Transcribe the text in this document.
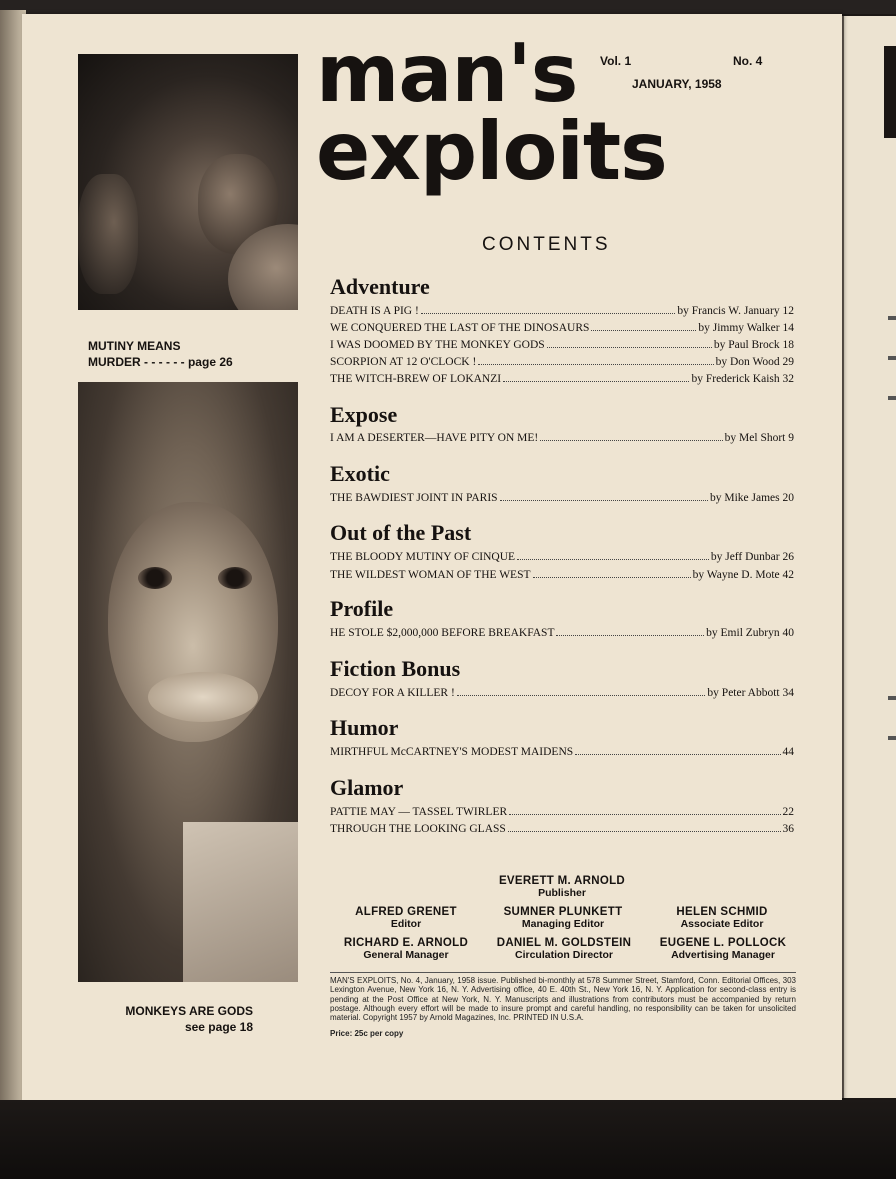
MUTINY MEANS
MURDER - - - - - - page 26
MONKEYS ARE GODS
see page 18
man's
exploits
Vol. 1	No. 4
JANUARY, 1958
CONTENTS
Adventure
DEATH IS A PIG !	by Francis W. January 12
WE CONQUERED THE LAST OF THE DINOSAURS	by Jimmy Walker 14
I WAS DOOMED BY THE MONKEY GODS	by Paul Brock 18
SCORPION AT 12 O'CLOCK !	by Don Wood 29
THE WITCH-BREW OF LOKANZI	by Frederick Kaish 32
Expose
I AM A DESERTER—HAVE PITY ON ME!	by Mel Short 9
Exotic
THE BAWDIEST JOINT IN PARIS	by Mike James 20
Out of the Past
THE BLOODY MUTINY OF CINQUE	by Jeff Dunbar 26
THE WILDEST WOMAN OF THE WEST	by Wayne D. Mote 42
Profile
HE STOLE $2,000,000 BEFORE BREAKFAST	by Emil Zubryn 40
Fiction Bonus
DECOY FOR A KILLER !	by Peter Abbott 34
Humor
MIRTHFUL McCARTNEY'S MODEST MAIDENS	44
Glamor
PATTIE MAY — TASSEL TWIRLER	22
THROUGH THE LOOKING GLASS	36
EVERETT M. ARNOLD
Publisher
ALFRED GRENET
Editor
SUMNER PLUNKETT
Managing Editor
HELEN SCHMID
Associate Editor
RICHARD E. ARNOLD
General Manager
DANIEL M. GOLDSTEIN
Circulation Director
EUGENE L. POLLOCK
Advertising Manager
MAN'S EXPLOITS, No. 4, January, 1958 issue. Published bi-monthly at 578 Summer Street, Stamford, Conn. Editorial Offices, 303 Lexington Avenue, New York 16, N. Y. Advertising office, 40 E. 40th St., New York 16, N. Y. Application for second-class entry is pending at the Post Office at New York, N. Y. Manuscripts and illustrations from contributors must be accompanied by return postage. Although every effort will be made to insure prompt and careful handling, no responsibility can be taken for unsolicited material. Copyright 1957 by Arnold Magazines, Inc. PRINTED IN U.S.A.
Price: 25c per copy
